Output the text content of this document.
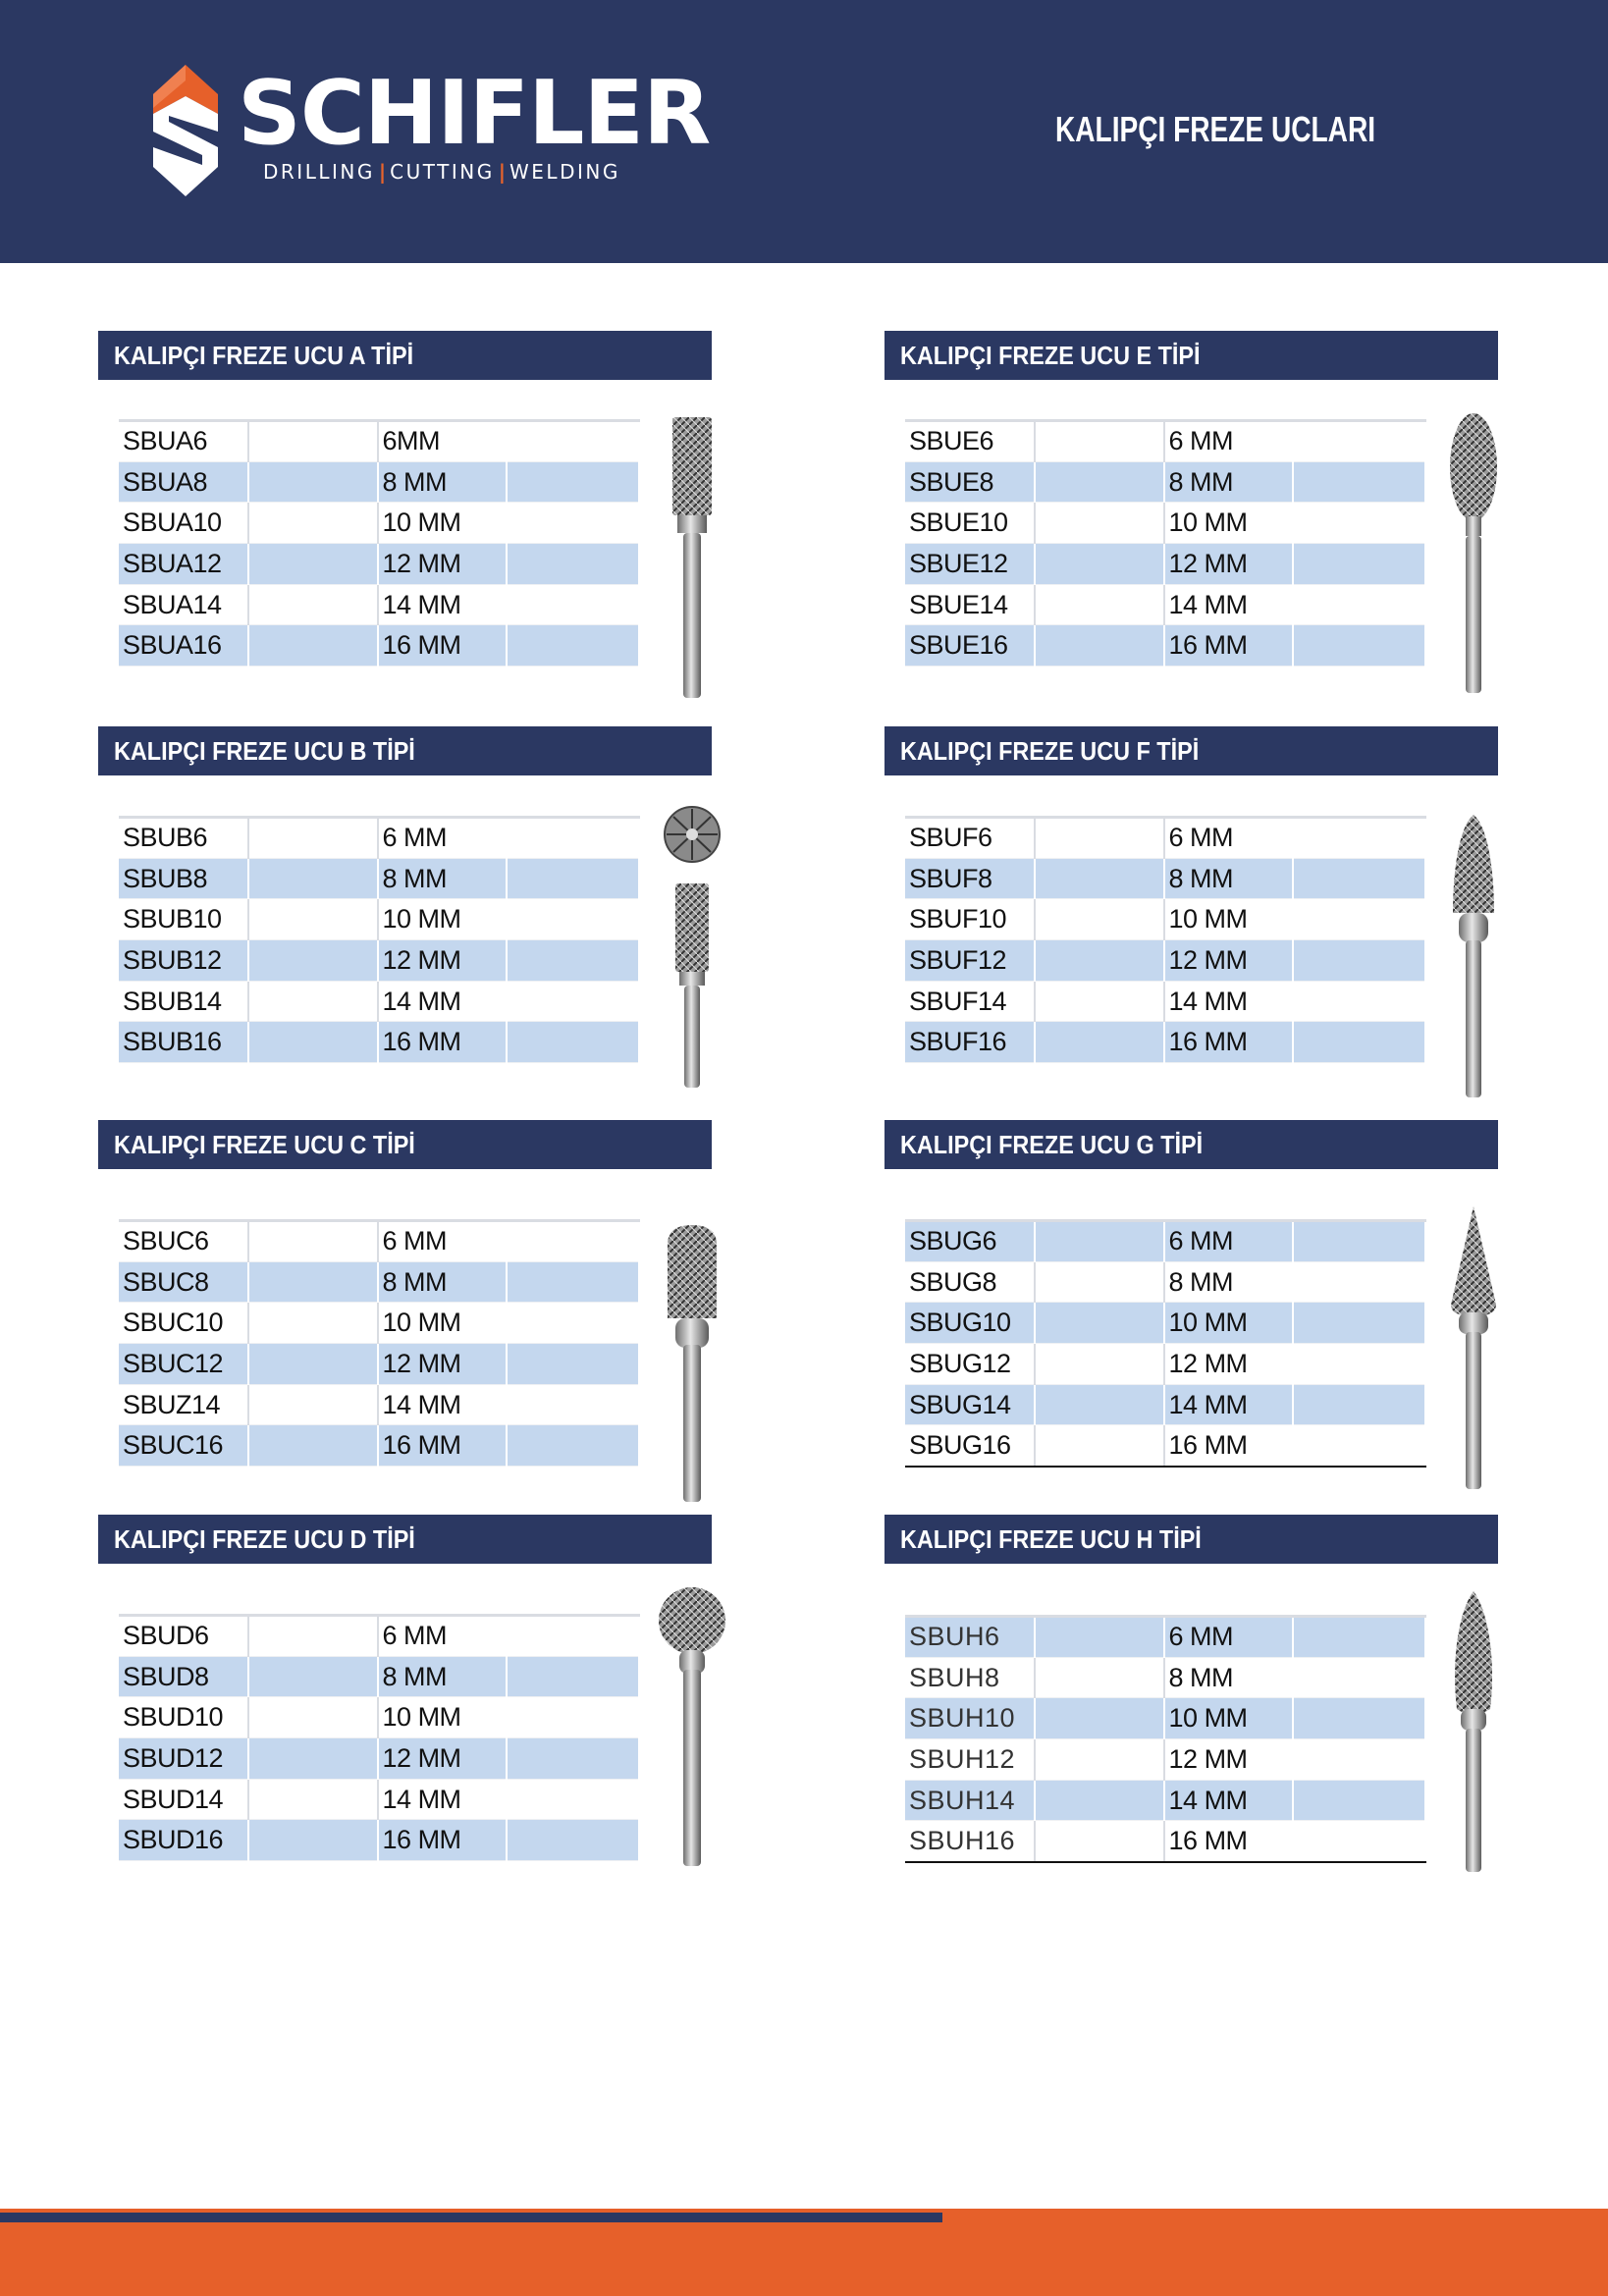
SCHIFLER
DRILLING | CUTTING | WELDING
KALIPÇI FREZE UCLARI
KALIPÇI FREZE UCU A TİPİ
SBUA6		6MM	
SBUA8		8 MM	
SBUA10		10 MM	
SBUA12		12 MM	
SBUA14		14 MM	
SBUA16		16 MM	
KALIPÇI FREZE UCU E TİPİ
SBUE6		6 MM	
SBUE8		8 MM	
SBUE10		10 MM	
SBUE12		12 MM	
SBUE14		14 MM	
SBUE16		16 MM	
KALIPÇI FREZE UCU B TİPİ
SBUB6		6 MM	
SBUB8		8 MM	
SBUB10		10 MM	
SBUB12		12 MM	
SBUB14		14 MM	
SBUB16		16 MM	
KALIPÇI FREZE UCU F TİPİ
SBUF6		6 MM	
SBUF8		8 MM	
SBUF10		10 MM	
SBUF12		12 MM	
SBUF14		14 MM	
SBUF16		16 MM	
KALIPÇI FREZE UCU C TİPİ
SBUC6		6 MM	
SBUC8		8 MM	
SBUC10		10 MM	
SBUC12		12 MM	
SBUZ14		14 MM	
SBUC16		16 MM	
KALIPÇI FREZE UCU G TİPİ
SBUG6		6 MM	
SBUG8		8 MM	
SBUG10		10 MM	
SBUG12		12 MM	
SBUG14		14 MM	
SBUG16		16 MM	
KALIPÇI FREZE UCU D TİPİ
SBUD6		6 MM	
SBUD8		8 MM	
SBUD10		10 MM	
SBUD12		12 MM	
SBUD14		14 MM	
SBUD16		16 MM	
KALIPÇI FREZE UCU H TİPİ
SBUH6		6 MM	
SBUH8		8 MM	
SBUH10		10 MM	
SBUH12		12 MM	
SBUH14		14 MM	
SBUH16		16 MM	
